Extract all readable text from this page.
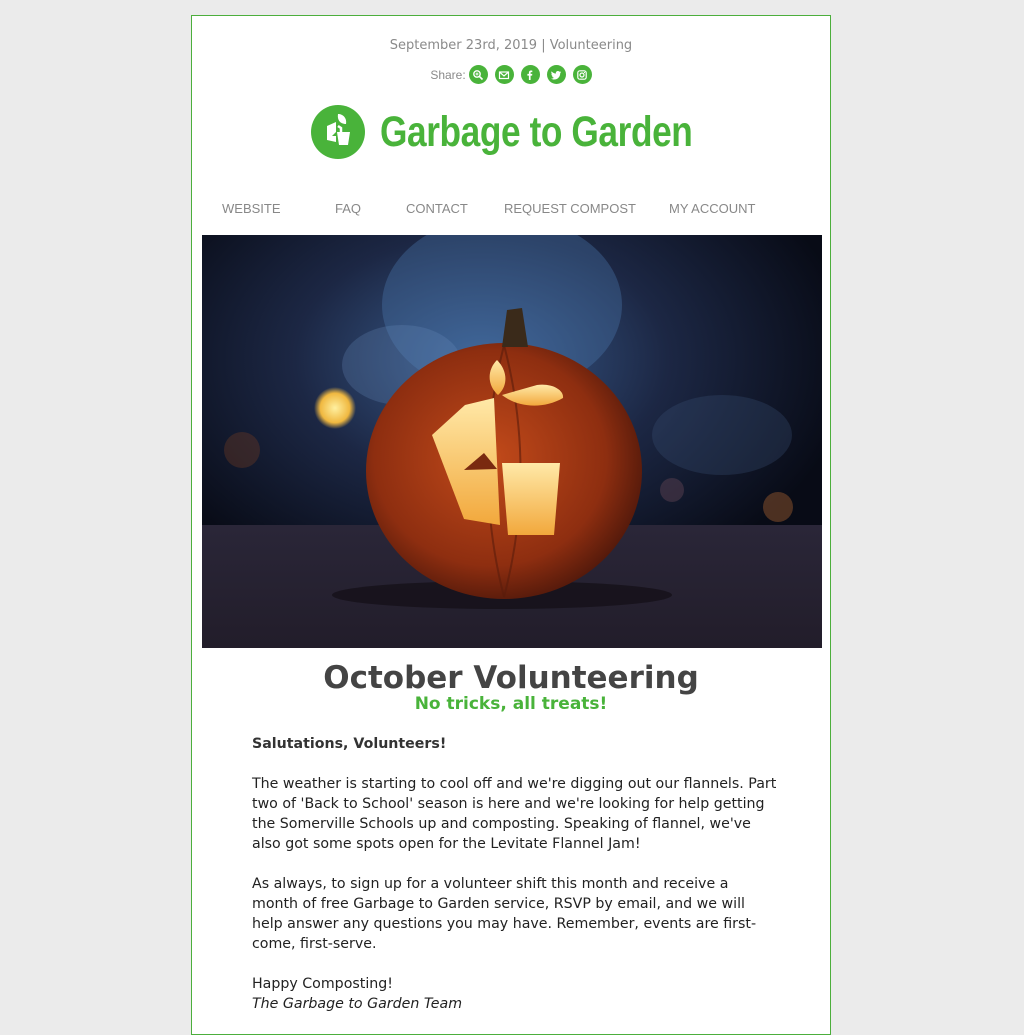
September 23rd, 2019 | Volunteering
Share:
Garbage to Garden
WEBSITE	FAQ	CONTACT	REQUEST COMPOST	MY ACCOUNT
October Volunteering
No tricks, all treats!

Salutations, Volunteers!

The weather is starting to cool off and we're digging out our flannels. Part two of 'Back to School' season is here and we're looking for help getting the Somerville Schools up and composting. Speaking of flannel, we've also got some spots open for the Levitate Flannel Jam!

As always, to sign up for a volunteer shift this month and receive a month of free Garbage to Garden service, RSVP by email, and we will help answer any questions you may have. Remember, events are first-come, first-serve.

Happy Composting!
The Garbage to Garden Team
